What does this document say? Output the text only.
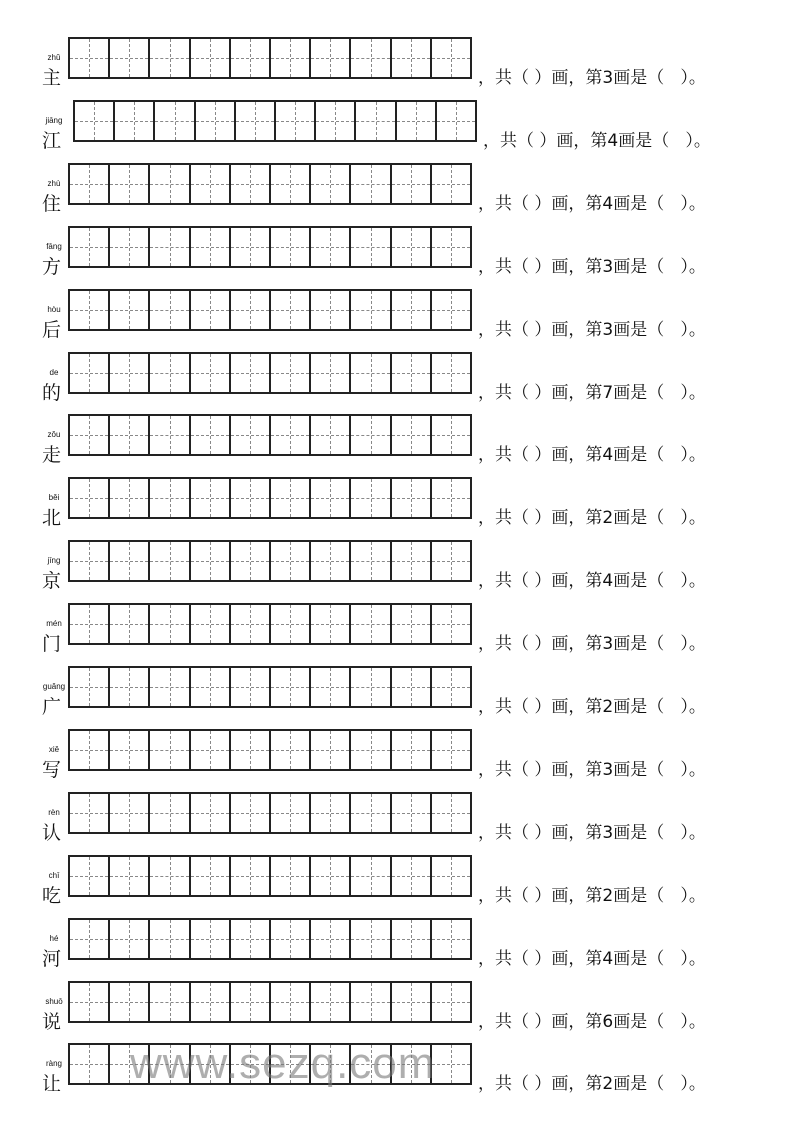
zhǔ
主	，共（ ）画，第3画是（   ）。
jiāng
江	，共（ ）画，第4画是（   ）。
zhù
住	，共（ ）画，第4画是（   ）。
fāng
方	，共（ ）画，第3画是（   ）。
hòu
后	，共（ ）画，第3画是（   ）。
de
的	，共（ ）画，第7画是（   ）。
zǒu
走	，共（ ）画，第4画是（   ）。
běi
北	，共（ ）画，第2画是（   ）。
jīng
京	，共（ ）画，第4画是（   ）。
mén
门	，共（ ）画，第3画是（   ）。
guǎng
广	，共（ ）画，第2画是（   ）。
xiě
写	，共（ ）画，第3画是（   ）。
rèn
认	，共（ ）画，第3画是（   ）。
chī
吃	，共（ ）画，第2画是（   ）。
hé
河	，共（ ）画，第4画是（   ）。
shuō
说	，共（ ）画，第6画是（   ）。
ràng
让	，共（ ）画，第2画是（   ）。
www.sezq.com
